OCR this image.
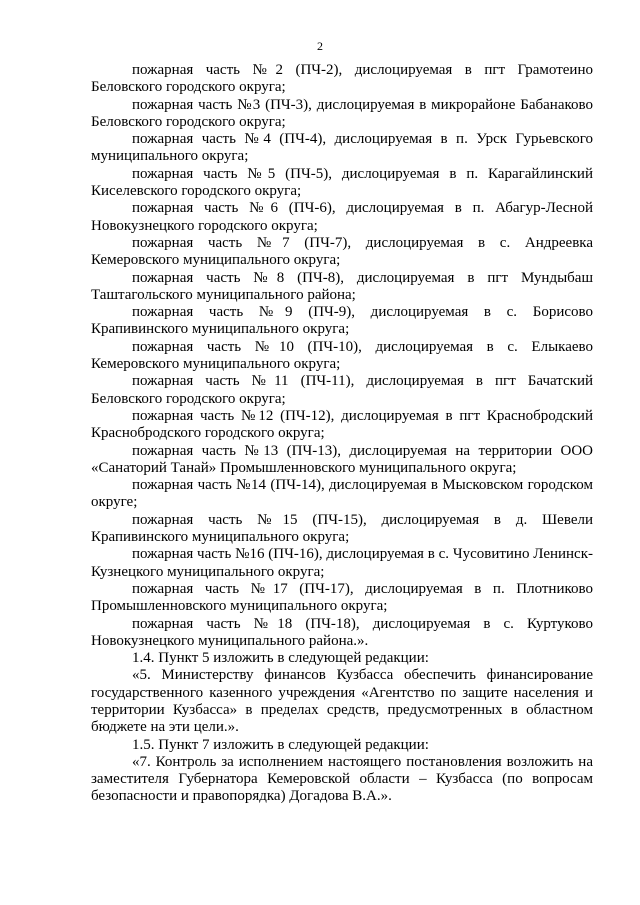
2

пожарная часть №2 (ПЧ-2), дислоцируемая в пгт Грамотеино Беловского городского округа;

пожарная часть №3 (ПЧ-3), дислоцируемая в микрорайоне Бабанаково Беловского городского округа;

пожарная часть №4 (ПЧ-4), дислоцируемая в п. Урск Гурьевского муниципального округа;

пожарная часть №5 (ПЧ-5), дислоцируемая в п. Карагайлинский Киселевского городского округа;

пожарная часть №6 (ПЧ-6), дислоцируемая в п. Абагур-Лесной Новокузнецкого городского округа;

пожарная часть №7 (ПЧ-7), дислоцируемая в с. Андреевка Кемеровского муниципального округа;

пожарная часть №8 (ПЧ-8), дислоцируемая в пгт Мундыбаш Таштагольского муниципального района;

пожарная часть №9 (ПЧ-9), дислоцируемая в с. Борисово Крапивинского муниципального округа;

пожарная часть №10 (ПЧ-10), дислоцируемая в с. Елыкаево Кемеровского муниципального округа;

пожарная часть №11 (ПЧ-11), дислоцируемая в пгт Бачатский Беловского городского округа;

пожарная часть №12 (ПЧ-12), дислоцируемая в пгт Краснобродский Краснобродского городского округа;

пожарная часть №13 (ПЧ-13), дислоцируемая на территории ООО «Санаторий Танай» Промышленновского муниципального округа;

пожарная часть №14 (ПЧ-14), дислоцируемая в Мысковском городском округе;

пожарная часть №15 (ПЧ-15), дислоцируемая в д. Шевели Крапивинского муниципального округа;

пожарная часть №16 (ПЧ-16), дислоцируемая в с. Чусовитино Ленинск-Кузнецкого муниципального округа;

пожарная часть №17 (ПЧ-17), дислоцируемая в п. Плотниково Промышленновского муниципального округа;

пожарная часть №18 (ПЧ-18), дислоцируемая в с. Куртуково Новокузнецкого муниципального района.».

1.4. Пункт 5 изложить в следующей редакции:

«5. Министерству финансов Кузбасса обеспечить финансирование государственного казенного учреждения «Агентство по защите населения и территории Кузбасса» в пределах средств, предусмотренных в областном бюджете на эти цели.».

1.5. Пункт 7 изложить в следующей редакции:

«7. Контроль за исполнением настоящего постановления возложить на заместителя Губернатора Кемеровской области – Кузбасса (по вопросам безопасности и правопорядка) Догадова В.А.».
